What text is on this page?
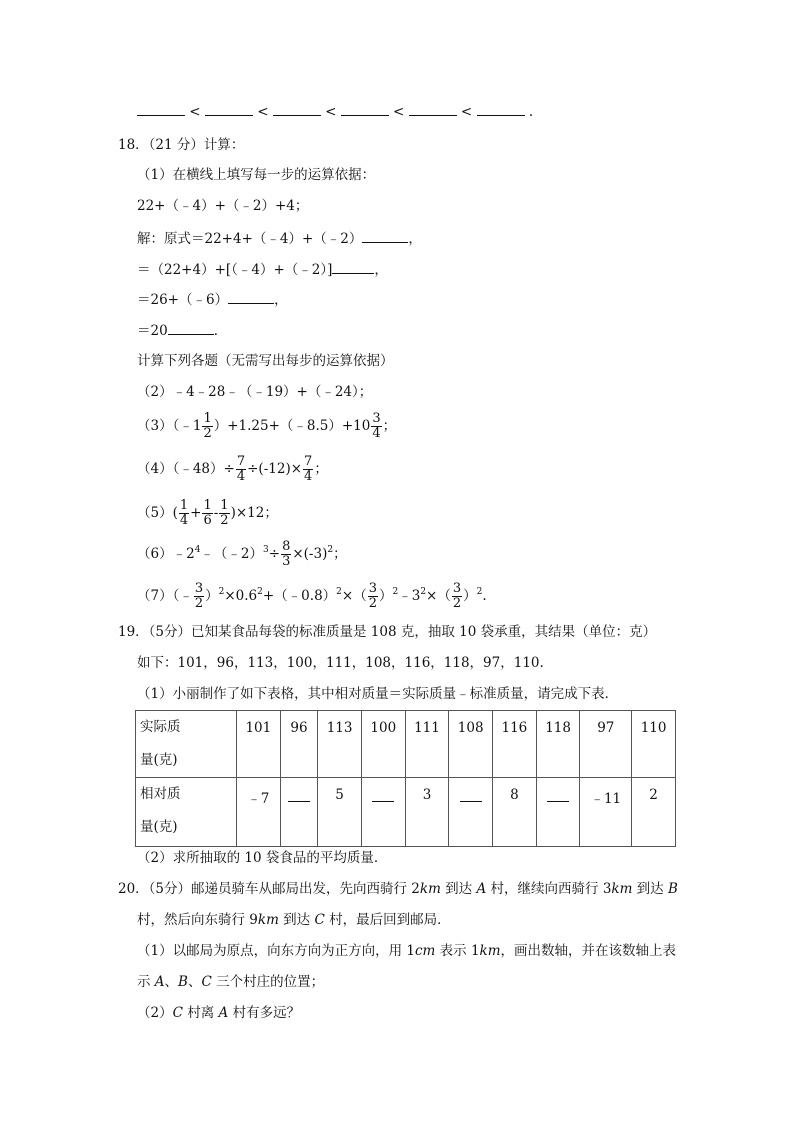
<	<	<	<	<	.
18．（21 分）计算：
（1）在横线上填写每一步的运算依据：
22+（﹣4）+（﹣2）+4；
解：原式＝22+4+（﹣4）+（﹣2）	，
＝（22+4）+[（﹣4）+（﹣2）]	，
＝26+（﹣6）	，
＝20	．
计算下列各题（无需写出每步的运算依据）
（2）﹣4﹣28﹣（﹣19）+（﹣24）；
（3）（﹣1 $\frac{1}{2}$ ）+1.25+（﹣8.5）+10 $\frac{3}{4}$ ；
（4）（﹣48）÷ $\frac{7}{4} \div(-12)\times \frac{7}{4}$ ；
$(5)( \frac{1}{4} + \frac{1}{6} - \frac{1}{2} )\times 12$；
$(6)﹣2^4﹣(﹣2)^3\div \frac{8}{3} \times(-3)^2$；
（7）（﹣ $\frac{3}{2}$ ）$^2\times 0.6^2+(﹣0.8)^2\times( \frac{3}{2}$ ）$^2﹣3^2\times( \frac{3}{2} )^2$.
19．（5分）已知某食品每袋的标准质量是 108 克，抽取 10 袋承重，其结果（单位：克）
如下：101，96，113，100，111，108，116，118，97，110.
（1）小丽制作了如下表格，其中相对质量＝实际质量﹣标准质量，请完成下表．
实际质
量(克)	101	96	113	100	111	108	116	118	97	110

相对质
量(克)	﹣7		5		3		8		﹣11	2
（2）求所抽取的 10 袋食品的平均质量．
20．（5分）邮递员骑车从邮局出发，先向西骑行 2km 到达 A 村，继续向西骑行 3km 到达 B
村，然后向东骑行 9km 到达 C 村，最后回到邮局．
（1）以邮局为原点，向东方向为正方向，用 1cm 表示 1km，画出数轴，并在该数轴上表
示 A、B、C 三个村庄的位置；
（2）C 村离 A 村有多远？
